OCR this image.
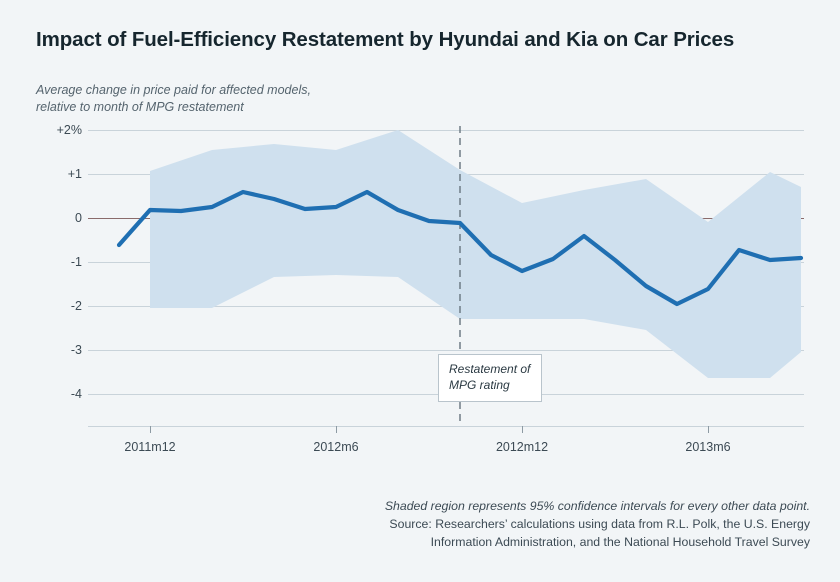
Impact of Fuel-Efficiency Restatement by Hyundai and Kia on Car Prices
Average change in price paid for affected models,
relative to month of MPG restatement
+2%
+1
0
-1
-2
-3
-4
Restatement of
MPG rating
2011m12	2012m6	2012m12	2013m6
Shaded region represents 95% confidence intervals for every other data point.
Source: Researchers’ calculations using data from R.L. Polk, the U.S. Energy
Information Administration, and the National Household Travel Survey
